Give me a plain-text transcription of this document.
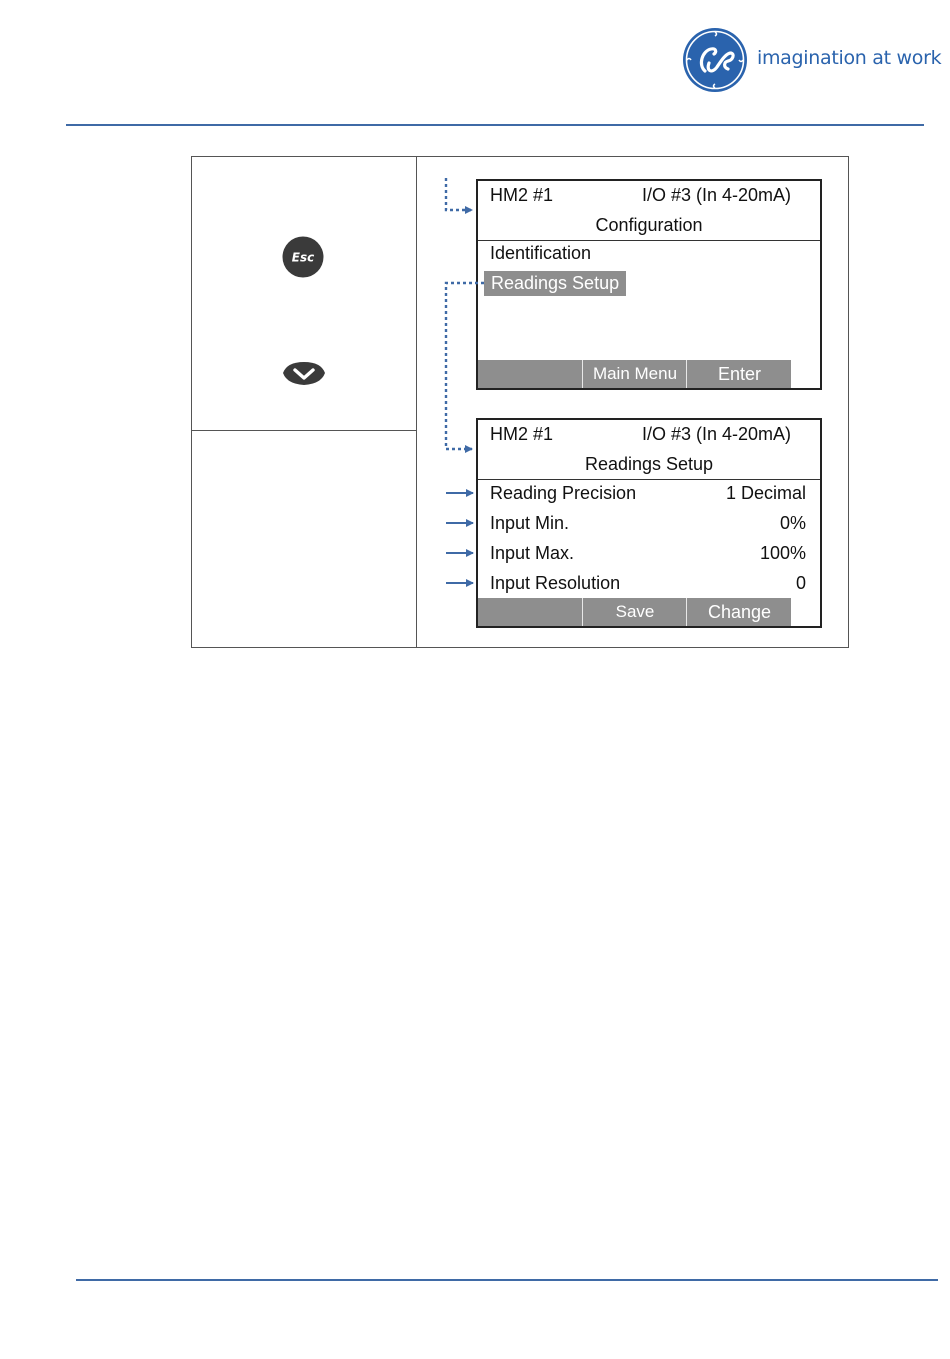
imagination at work
Esc
HM2 #1	I/O #3 (In 4-20mA)
Configuration
Identification
Readings Setup
Main Menu	Enter
HM2 #1	I/O #3 (In 4-20mA)
Readings Setup
Reading Precision	1 Decimal
Input Min.	0%
Input Max.	100%
Input Resolution	0
Save	Change
